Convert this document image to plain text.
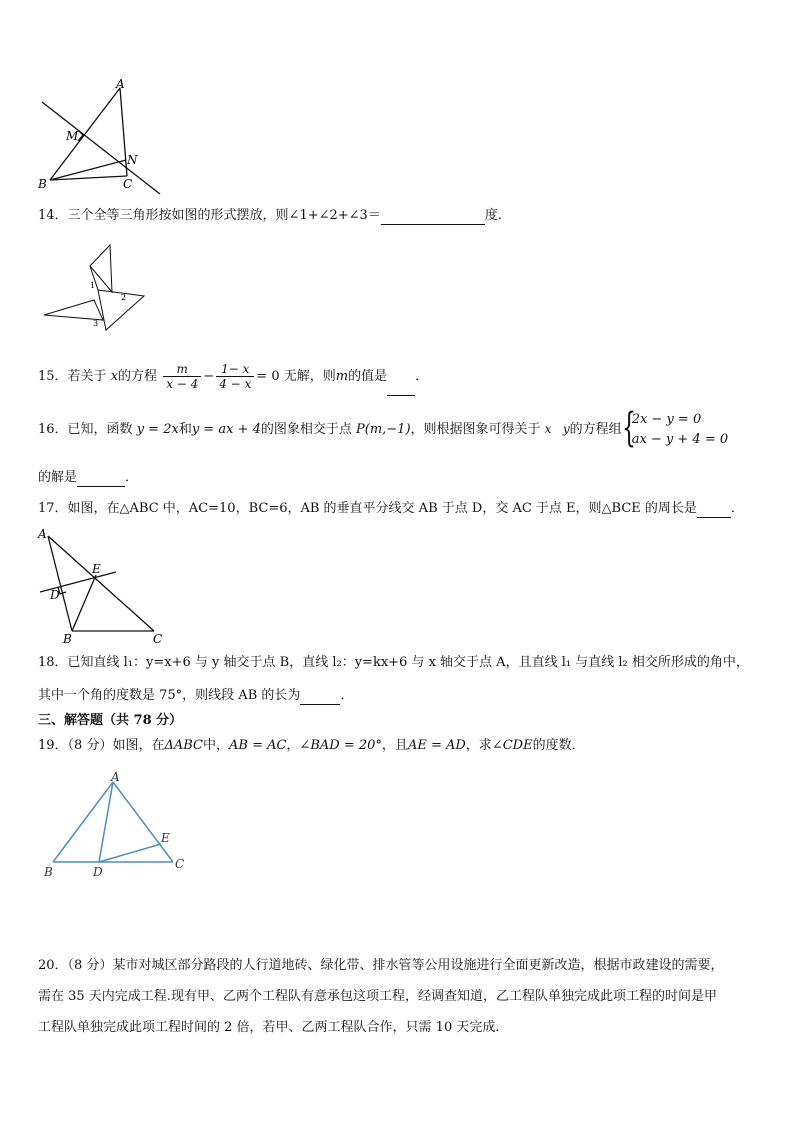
A
M
N
B	C
14．三个全等三角形按如图的形式摆放，则∠1+∠2+∠3＝	度．
1
2
3
15．若关于 x的方程 $\frac{m}{x - 4} - \frac{1- x}{4 - x} = 0$ 无解，则m的值是 ．
16．已知，函数 y = 2x和y = ax + 4的图象相交于点 P(m,−1)，则根据图象可得关于 x   y的方程组 {
2x − y = 0
ax − y + 4 = 0
的解是	．
17．如图，在△ABC 中，AC=10，BC=6，AB 的垂直平分线交 AB 于点 D，交 AC 于点 E，则△BCE 的周长是	．
A
E
D
B	C
18．已知直线 l₁：y=x+6 与 y 轴交于点 B，直线 l₂：y=kx+6 与 x 轴交于点 A，且直线 l₁ 与直线 l₂ 相交所形成的角中，
其中一个角的度数是 75°，则线段 AB 的长为	．
三、解答题（共 78 分）
19．（8 分）如图，在ΔABC中，AB = AC，∠BAD = 20°，且AE = AD，求∠CDE的度数．
A
E
B	D
C
20．（8 分）某市对城区部分路段的人行道地砖、绿化带、排水管等公用设施进行全面更新改造，根据市政建设的需要，
需在 35 天内完成工程.现有甲、乙两个工程队有意承包这项工程，经调查知道，乙工程队单独完成此项工程的时间是甲
工程队单独完成此项工程时间的 2 倍，若甲、乙两工程队合作，只需 10 天完成．
